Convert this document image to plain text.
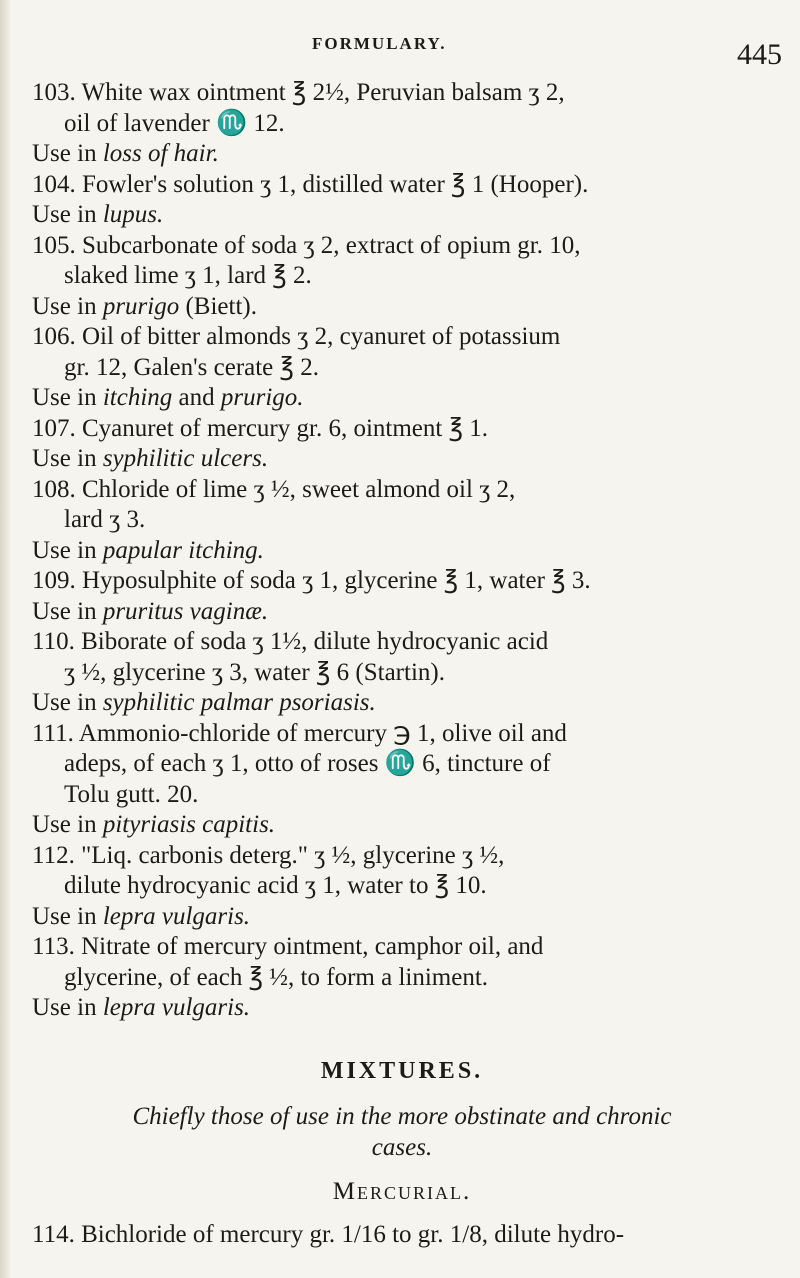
FORMULARY.	445
103. White wax ointment ℥ 2½, Peruvian balsam ʒ 2,
oil of lavender ♏ 12.
Use in loss of hair.
104. Fowler's solution ʒ 1, distilled water ℥ 1 (Hooper).
Use in lupus.
105. Subcarbonate of soda ʒ 2, extract of opium gr. 10,
slaked lime ʒ 1, lard ℥ 2.
Use in prurigo (Biett).
106. Oil of bitter almonds ʒ 2, cyanuret of potassium
gr. 12, Galen's cerate ℥ 2.
Use in itching and prurigo.
107. Cyanuret of mercury gr. 6, ointment ℥ 1.
Use in syphilitic ulcers.
108. Chloride of lime ʒ ½, sweet almond oil ʒ 2,
lard ʒ 3.
Use in papular itching.
109. Hyposulphite of soda ʒ 1, glycerine ℥ 1, water ℥ 3.
Use in pruritus vaginæ.
110. Biborate of soda ʒ 1½, dilute hydrocyanic acid
ʒ ½, glycerine ʒ 3, water ℥ 6 (Startin).
Use in syphilitic palmar psoriasis.
111. Ammonio-chloride of mercury ℈ 1, olive oil and
adeps, of each ʒ 1, otto of roses ♏ 6, tincture of
Tolu gutt. 20.
Use in pityriasis capitis.
112. "Liq. carbonis deterg." ʒ ½, glycerine ʒ ½,
dilute hydrocyanic acid ʒ 1, water to ℥ 10.
Use in lepra vulgaris.
113. Nitrate of mercury ointment, camphor oil, and
glycerine, of each ℥ ½, to form a liniment.
Use in lepra vulgaris.
MIXTURES.
Chiefly those of use in the more obstinate and chronic
cases.
Mercurial.
114. Bichloride of mercury gr. 1/16 to gr. 1/8, dilute hydro-
